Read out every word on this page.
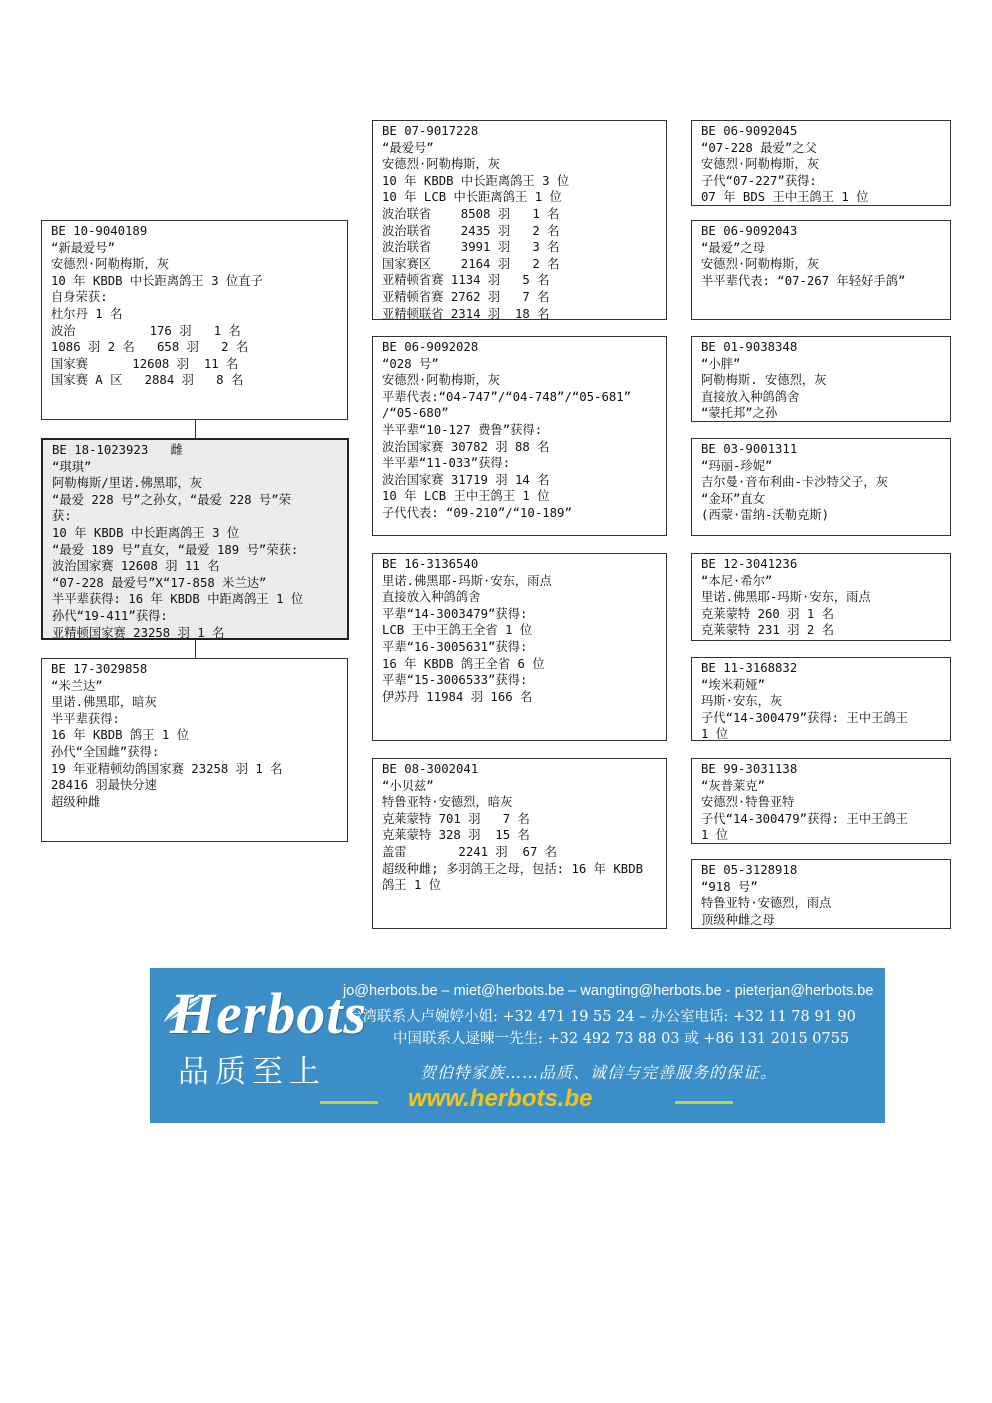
BE 10-9040189
“新最爱号”
安德烈·阿勒梅斯，灰
10 年 KBDB 中长距离鸽王 3 位直子
自身荣获:
杜尔丹 1 名
波治          176 羽   1 名
1086 羽 2 名   658 羽   2 名
国家赛      12608 羽  11 名
国家赛 A 区   2884 羽   8 名
BE 18-1023923   雌
“琪琪”
阿勒梅斯/里诺.佛黑耶，灰
“最爱 228 号”之孙女，“最爱 228 号”荣
获:
10 年 KBDB 中长距离鸽王 3 位
“最爱 189 号”直女，“最爱 189 号”荣获:
波治国家赛 12608 羽 11 名
“07-228 最爱号”X“17-858 米兰达”
半平辈获得: 16 年 KBDB 中距离鸽王 1 位
孙代“19-411”获得:
亚精顿国家赛 23258 羽 1 名
BE 17-3029858
“米兰达”
里诺.佛黑耶，暗灰
半平辈获得:
16 年 KBDB 鸽王 1 位
孙代“全国雌”获得:
19 年亚精顿幼鸽国家赛 23258 羽 1 名
28416 羽最快分速
超级种雌
BE 07-9017228
“最爱号”
安德烈·阿勒梅斯，灰
10 年 KBDB 中长距离鸽王 3 位
10 年 LCB 中长距离鸽王 1 位
波治联省    8508 羽   1 名
波治联省    2435 羽   2 名
波治联省    3991 羽   3 名
国家赛区    2164 羽   2 名
亚精顿省赛 1134 羽   5 名
亚精顿省赛 2762 羽   7 名
亚精顿联省 2314 羽  18 名
BE 06-9092028
“028 号”
安德烈·阿勒梅斯，灰
平辈代表:“04-747”/“04-748”/“05-681”
/“05-680”
半平辈“10-127 费鲁”获得:
波治国家赛 30782 羽 88 名
半平辈“11-033”获得:
波治国家赛 31719 羽 14 名
10 年 LCB 王中王鸽王 1 位
子代代表: “09-210”/“10-189”
BE 16-3136540
里诺.佛黑耶-玛斯·安东，雨点
直接放入种鸽鸽舍
平辈“14-3003479”获得:
LCB 王中王鸽王全省 1 位
平辈“16-3005631”获得:
16 年 KBDB 鸽王全省 6 位
平辈“15-3006533”获得:
伊苏丹 11984 羽 166 名
BE 08-3002041
“小贝兹”
特鲁亚特·安德烈，暗灰
克莱蒙特 701 羽   7 名
克莱蒙特 328 羽  15 名
盖雷       2241 羽  67 名
超级种雌; 多羽鸽王之母，包括: 16 年 KBDB
鸽王 1 位
BE 06-9092045
“07-228 最爱”之父
安德烈·阿勒梅斯，灰
子代“07-227”获得:
07 年 BDS 王中王鸽王 1 位
BE 06-9092043
“最爱”之母
安德烈·阿勒梅斯，灰
半平辈代表: “07-267 年轻好手鸽”
BE 01-9038348
“小胖”
阿勒梅斯. 安德烈，灰
直接放入种鸽鸽舍
“蒙托邦”之孙
BE 03-9001311
“玛丽-珍妮”
吉尔曼·音布利曲-卡沙特父子，灰
“金环”直女
(西蒙·雷纳-沃勒克斯)
BE 12-3041236
“本尼·希尔”
里诺.佛黑耶-玛斯·安东，雨点
克莱蒙特 260 羽 1 名
克莱蒙特 231 羽 2 名
BE 11-3168832
“埃米莉娅”
玛斯·安东，灰
子代“14-300479”获得: 王中王鸽王
1 位
BE 99-3031138
“灰普莱克”
安德烈·特鲁亚特
子代“14-300479”获得: 王中王鸽王
1 位
BE 05-3128918
“918 号”
特鲁亚特·安德烈，雨点
顶级种雌之母
Herbots
品质至上
jo@herbots.be – miet@herbots.be – wangting@herbots.be - pieterjan@herbots.be
台湾联系人卢婉婷小姐: +32 471 19 55 24 – 办公室电话: +32 11 78 91 90
中国联系人逯暕一先生: +32 492 73 88 03 或 +86 131 2015 0755
贺伯特家族……品质、诚信与完善服务的保证。
www.herbots.be
